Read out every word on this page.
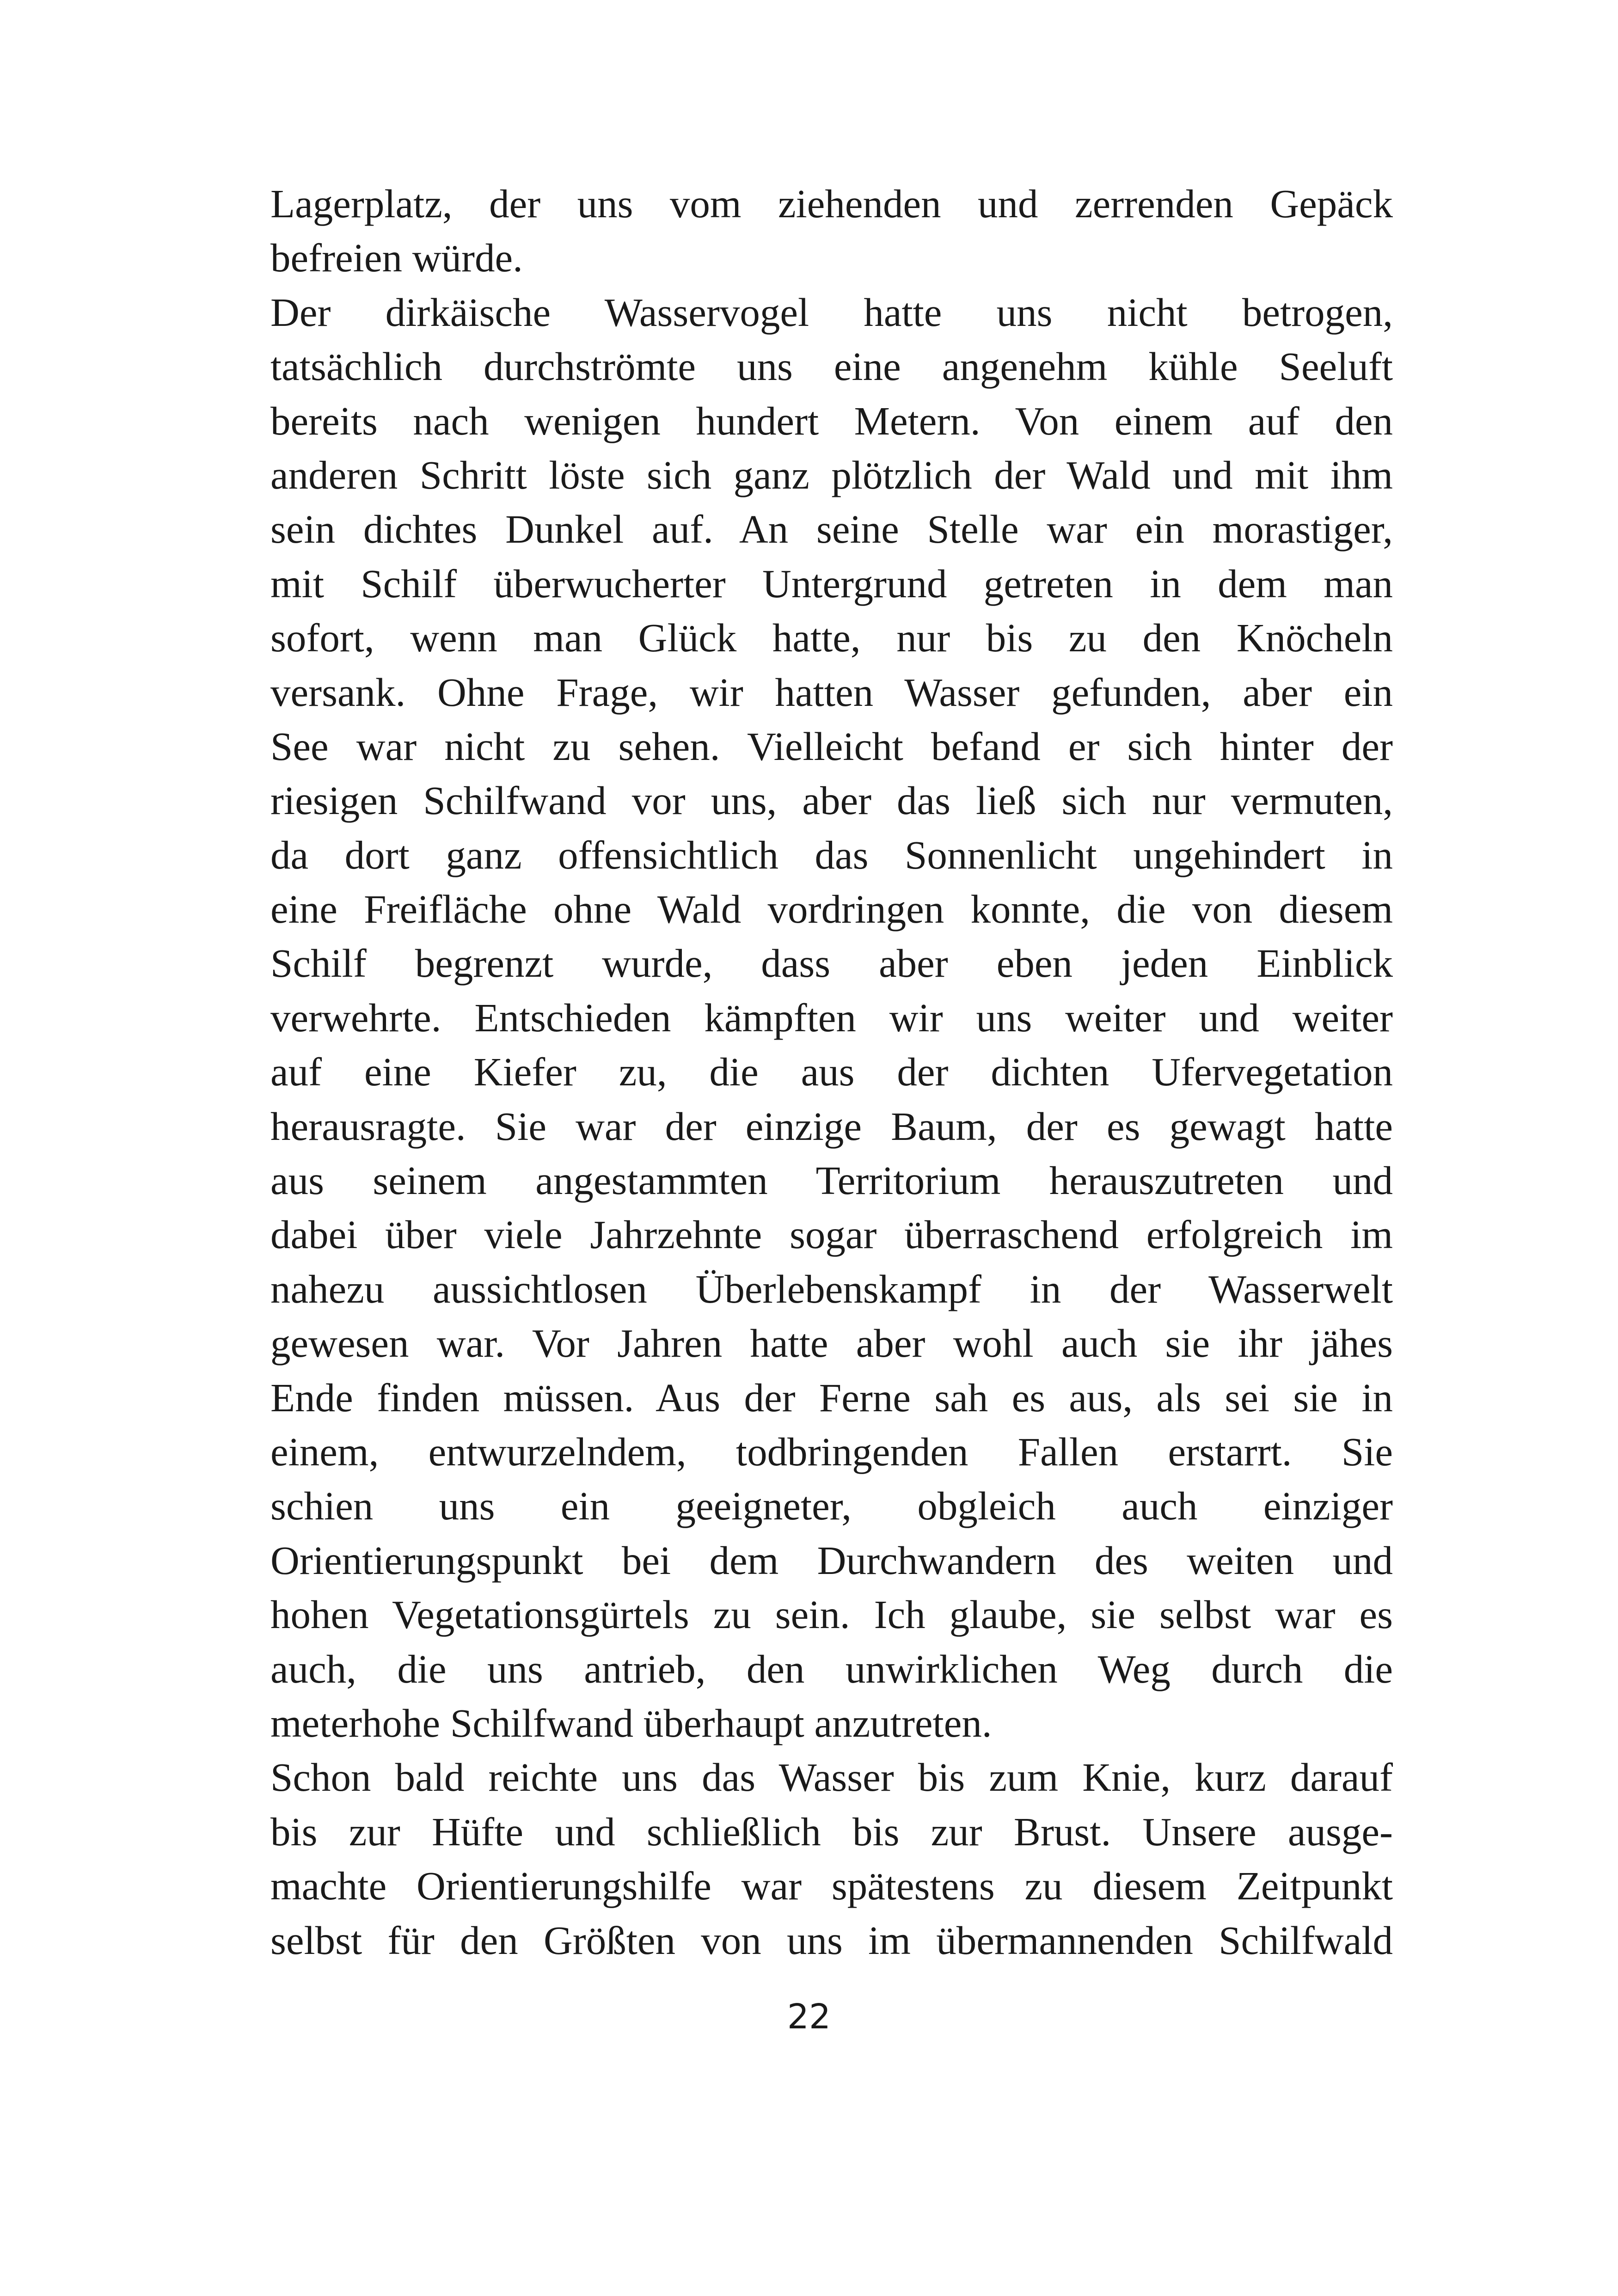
Lagerplatz, der uns vom ziehenden und zerrenden Gepäck
befreien würde.
Der dirkäische Wasservogel hatte uns nicht betrogen,
tatsächlich durchströmte uns eine angenehm kühle Seeluft
bereits nach wenigen hundert Metern. Von einem auf den
anderen Schritt löste sich ganz plötzlich der Wald und mit ihm
sein dichtes Dunkel auf. An seine Stelle war ein morastiger,
mit Schilf überwucherter Untergrund getreten in dem man
sofort, wenn man Glück hatte, nur bis zu den Knöcheln
versank. Ohne Frage, wir hatten Wasser gefunden, aber ein
See war nicht zu sehen. Vielleicht befand er sich hinter der
riesigen Schilfwand vor uns, aber das ließ sich nur vermuten,
da dort ganz offensichtlich das Sonnenlicht ungehindert in
eine Freifläche ohne Wald vordringen konnte, die von diesem
Schilf begrenzt wurde, dass aber eben jeden Einblick
verwehrte. Entschieden kämpften wir uns weiter und weiter
auf eine Kiefer zu, die aus der dichten Ufervegetation
herausragte. Sie war der einzige Baum, der es gewagt hatte
aus seinem angestammten Territorium herauszutreten und
dabei über viele Jahrzehnte sogar überraschend erfolgreich im
nahezu aussichtlosen Überlebenskampf in der Wasserwelt
gewesen war. Vor Jahren hatte aber wohl auch sie ihr jähes
Ende finden müssen. Aus der Ferne sah es aus, als sei sie in
einem, entwurzelndem, todbringenden Fallen erstarrt. Sie
schien uns ein geeigneter, obgleich auch einziger
Orientierungspunkt bei dem Durchwandern des weiten und
hohen Vegetationsgürtels zu sein. Ich glaube, sie selbst war es
auch, die uns antrieb, den unwirklichen Weg durch die
meterhohe Schilfwand überhaupt anzutreten.
Schon bald reichte uns das Wasser bis zum Knie, kurz darauf
bis zur Hüfte und schließlich bis zur Brust. Unsere ausge-
machte Orientierungshilfe war spätestens zu diesem Zeitpunkt
selbst für den Größten von uns im übermannenden Schilfwald
22
